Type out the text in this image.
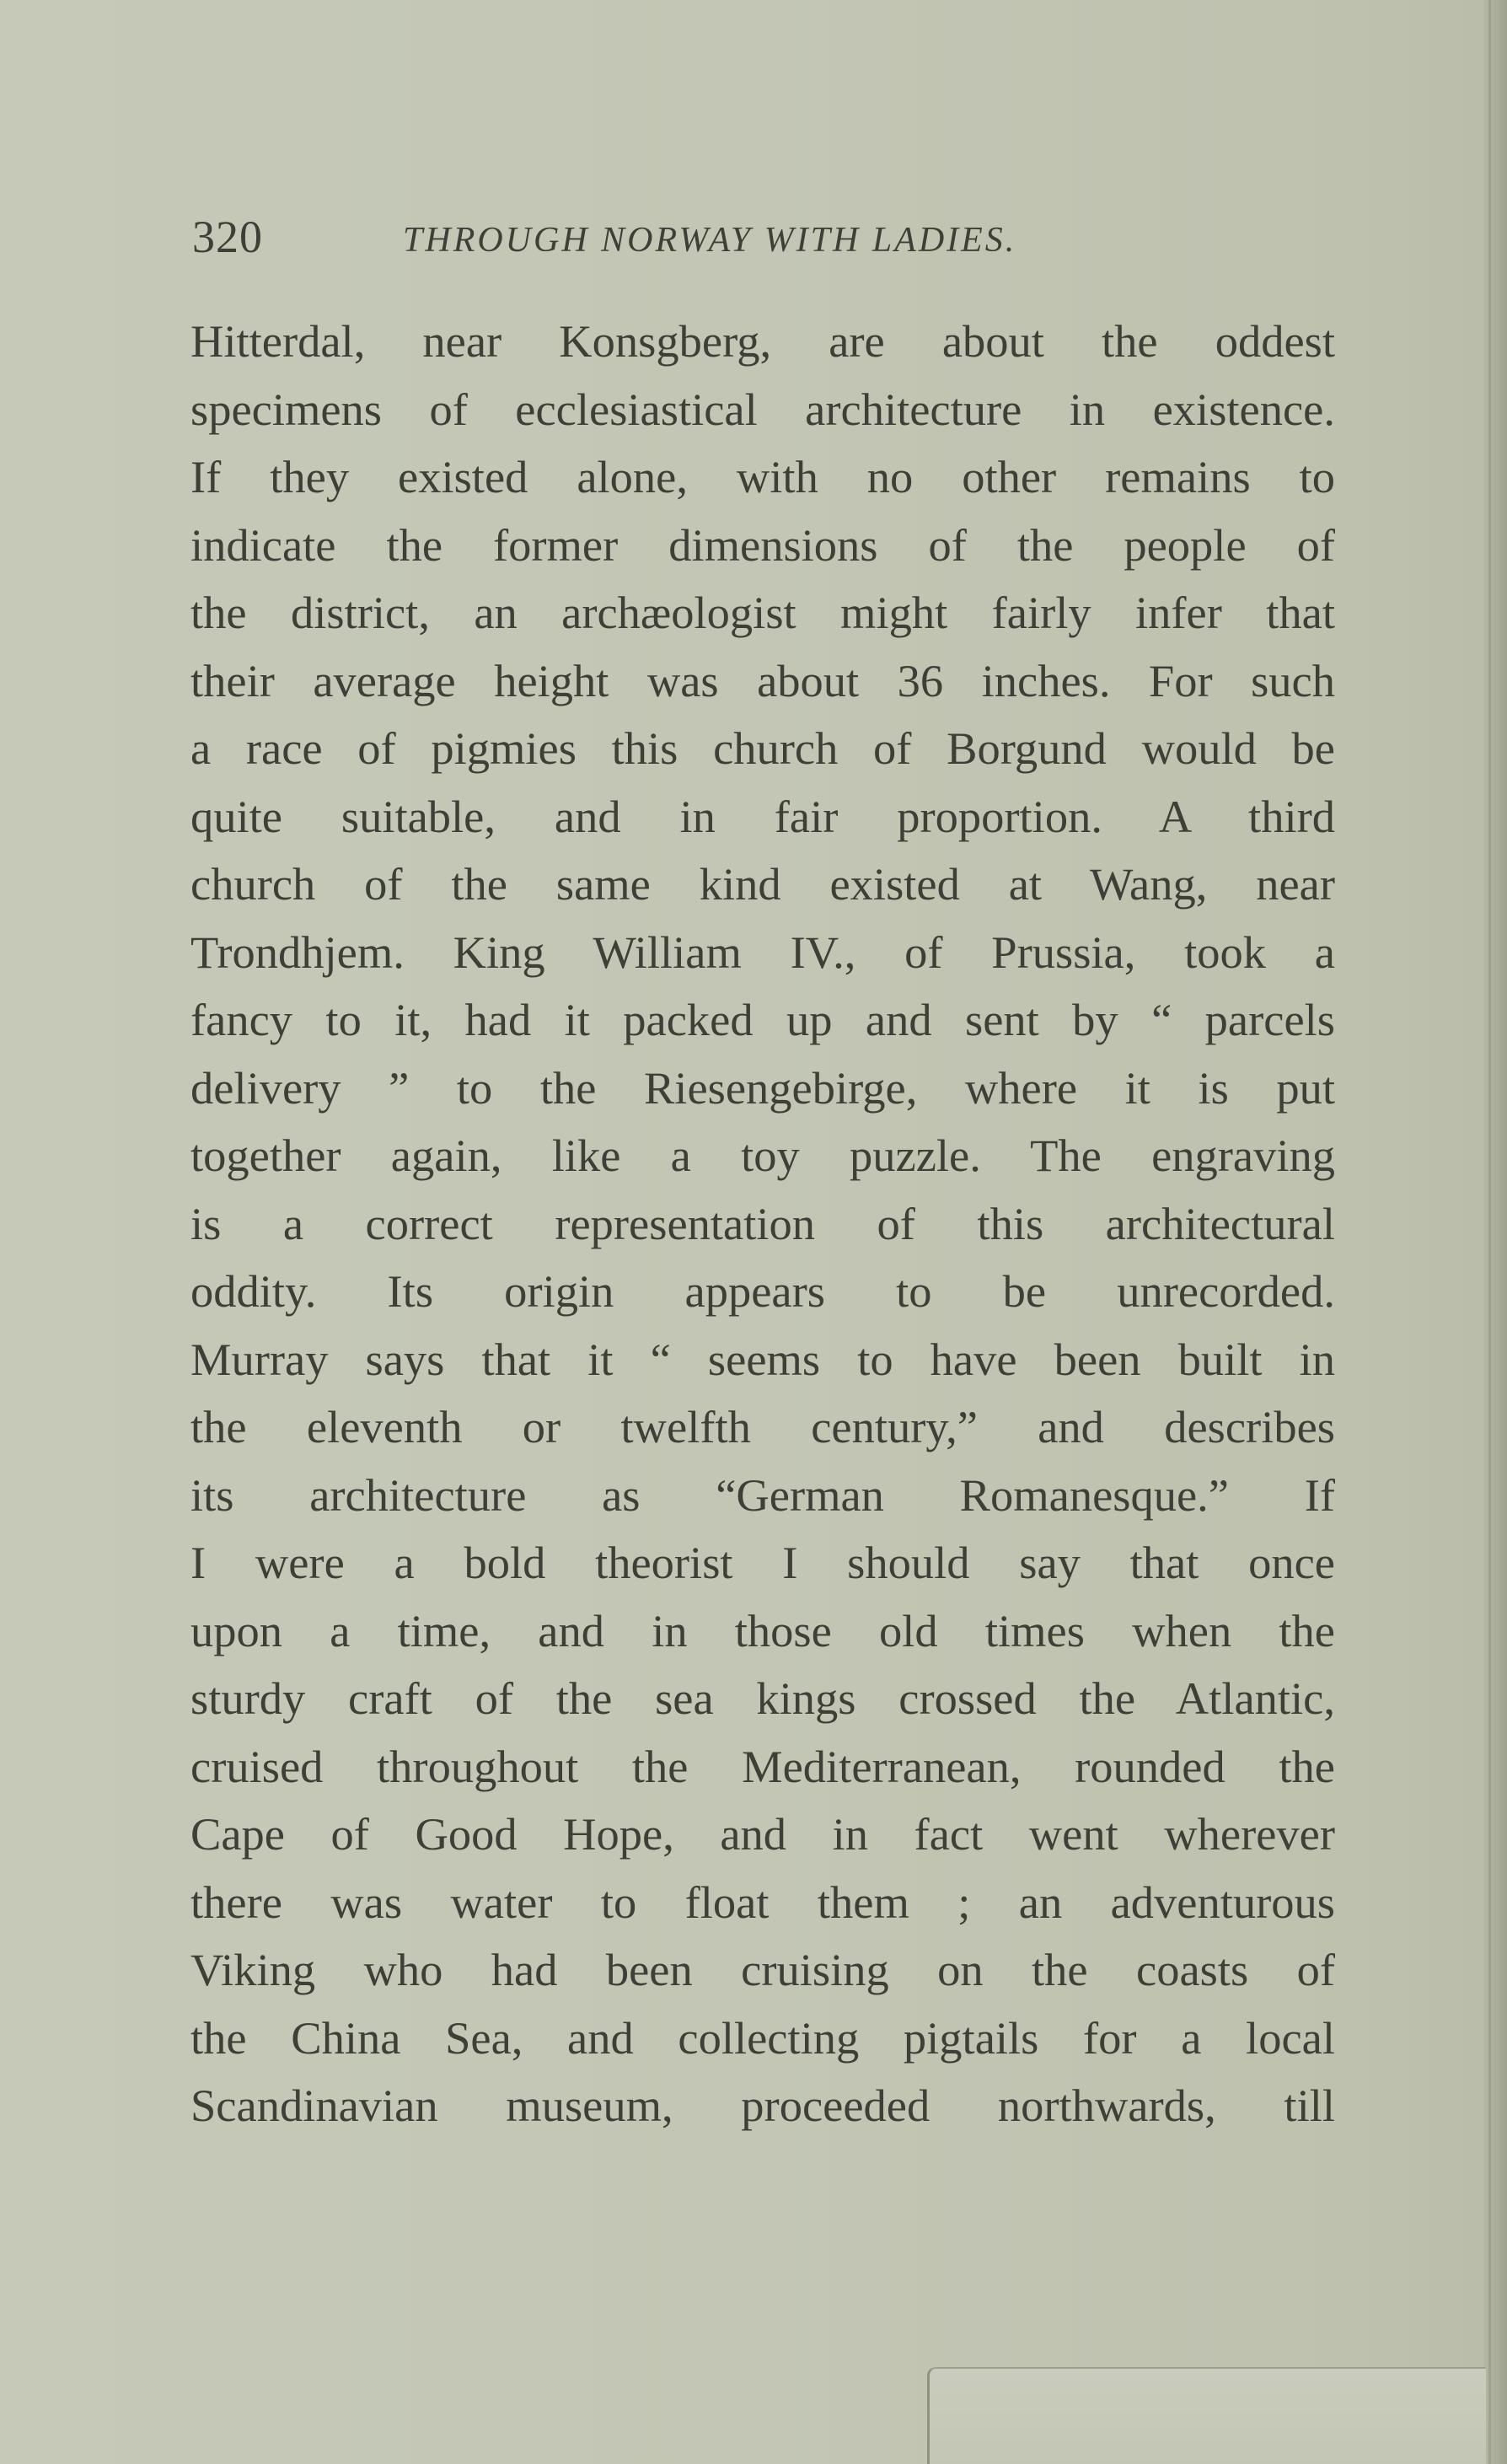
320	THROUGH NORWAY WITH LADIES.
Hitterdal, near Konsgberg, are about the oddest
specimens of ecclesiastical architecture in existence.
If they existed alone, with no other remains to
indicate the former dimensions of the people of
the district, an archæologist might fairly infer that
their average height was about 36 inches. For such
a race of pigmies this church of Borgund would be
quite suitable, and in fair proportion. A third
church of the same kind existed at Wang, near
Trondhjem. King William IV., of Prussia, took a
fancy to it, had it packed up and sent by “ parcels
delivery ” to the Riesengebirge, where it is put
together again, like a toy puzzle. The engraving
is a correct representation of this architectural
oddity. Its origin appears to be unrecorded.
Murray says that it “ seems to have been built in
the eleventh or twelfth century,” and describes
its architecture as “German Romanesque.” If
I were a bold theorist I should say that once
upon a time, and in those old times when the
sturdy craft of the sea kings crossed the Atlantic,
cruised throughout the Mediterranean, rounded the
Cape of Good Hope, and in fact went wherever
there was water to float them ; an adventurous
Viking who had been cruising on the coasts of
the China Sea, and collecting pigtails for a local
Scandinavian museum, proceeded northwards, till
